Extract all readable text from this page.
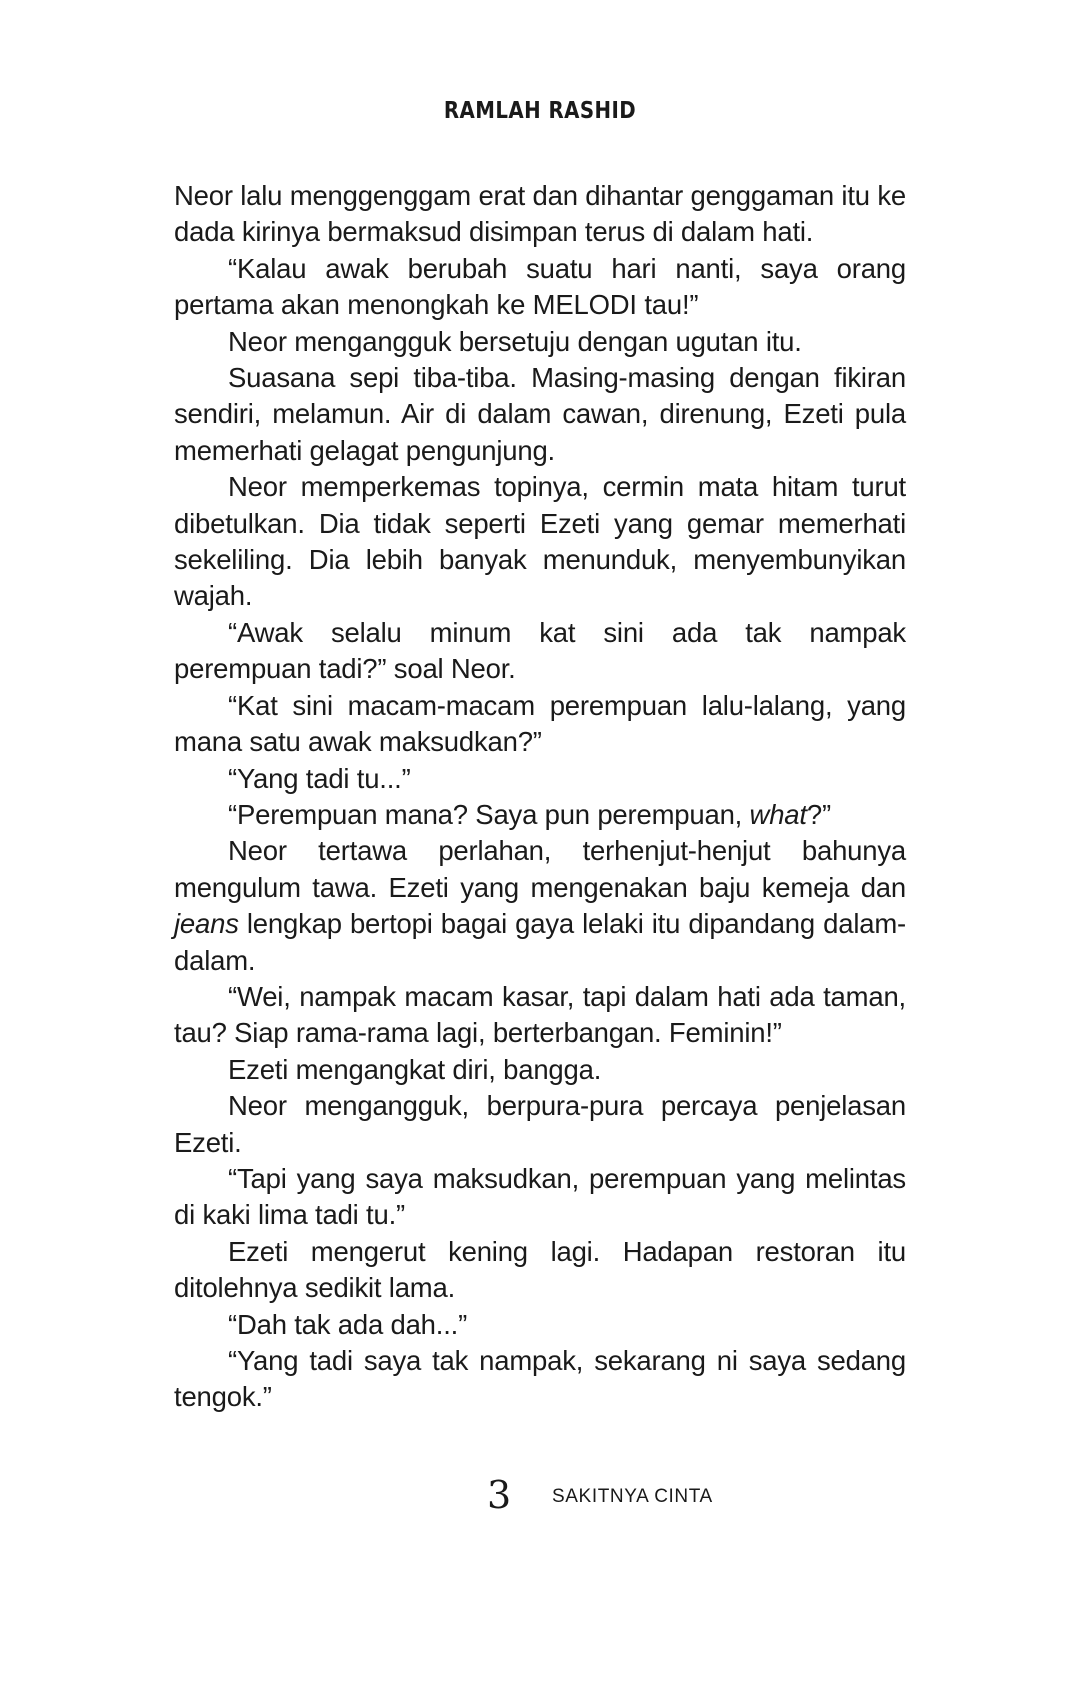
RAMLAH RASHID

Neor lalu menggenggam erat dan dihantar genggaman itu ke dada kirinya bermaksud disimpan terus di dalam hati.

“Kalau awak berubah suatu hari nanti, saya orang pertama akan menongkah ke MELODI tau!”

Neor mengangguk bersetuju dengan ugutan itu.

Suasana sepi tiba-tiba. Masing-masing dengan fikiran sendiri, melamun. Air di dalam cawan, direnung, Ezeti pula memerhati gelagat pengunjung.

Neor memperkemas topinya, cermin mata hitam turut dibetulkan. Dia tidak seperti Ezeti yang gemar memerhati sekeliling. Dia lebih banyak menunduk, menyembunyikan wajah.

“Awak selalu minum kat sini ada tak nampak perempuan tadi?” soal Neor.

“Kat sini macam-macam perempuan lalu-lalang, yang mana satu awak maksudkan?”

“Yang tadi tu...”

“Perempuan mana? Saya pun perempuan, what?”

Neor tertawa perlahan, terhenjut-henjut bahunya mengulum tawa. Ezeti yang mengenakan baju kemeja dan jeans lengkap bertopi bagai gaya lelaki itu dipandang dalam-dalam.

“Wei, nampak macam kasar, tapi dalam hati ada taman, tau? Siap rama-rama lagi, berterbangan. Feminin!”

Ezeti mengangkat diri, bangga.

Neor mengangguk, berpura-pura percaya penjelasan Ezeti.

“Tapi yang saya maksudkan, perempuan yang melintas di kaki lima tadi tu.”

Ezeti mengerut kening lagi. Hadapan restoran itu ditolehnya sedikit lama.

“Dah tak ada dah...”

“Yang tadi saya tak nampak, sekarang ni saya sedang tengok.”

3 SAKITNYA CINTA
